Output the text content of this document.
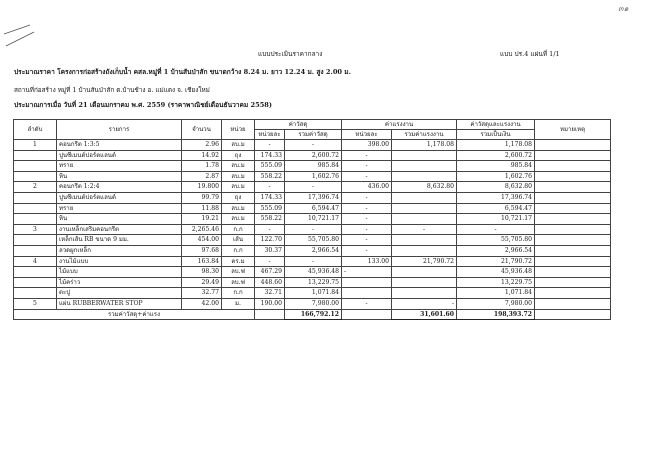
๓๑
แบบประเมินราคากลาง	แบบ ปร.4 แผ่นที่ 1/1
ประมาณราคา โครงการก่อสร้างถังเก็บน้ำ คสล.หมู่ที่ 1 บ้านสันป่าสัก ขนาดกว้าง 8.24 ม. ยาว 12.24 ม. สูง 2.00 ม.
สถานที่ก่อสร้าง หมู่ที่ 1 บ้านสันป่าสัก ต.บ้านช้าง อ. แม่แตง จ. เชียงใหม่
ประมาณการเมื่อ วันที่ 21 เดือนมกราคม พ.ศ. 2559 (ราคาพาณิชย์เดือนธันวาคม 2558)
ลำดับ	รายการ	จำนวน	หน่วย	ค่าวัสดุ		ค่าแรงงาน		ค่าวัสดุและแรงงาน	หมายเหตุ
				หน่วยละ	รวมค่าวัสดุ	หน่วยละ	รวมค่าแรงงาน	รวมเป็นเงิน	
1	คอนกรีต 1:3:5	2.96	ลบ.ม	-	-	398.00	1,178.08	1,178.08	
	ปูนซีเมนต์ปอร์ตแลนด์	14.92	ถุง	174.33	2,600.72	-		2,600.72	
	ทราย	1.78	ลบ.ม	555.09	985.84	-		985.84	
	หิน	2.87	ลบ.ม	558.22	1,602.76	-		1,602.76	
2	คอนกรีต 1:2:4	19.800	ลบ.ม	-	-	436.00	8,632.80	8,632.80	
	ปูนซีเมนต์ปอร์ตแลนด์	99.79	ถุง	174.33	17,396.74	-		17,396.74	
	ทราย	11.88	ลบ.ม	555.09	6,594.47	-		6,594.47	
	หิน	19.21	ลบ.ม	558.22	10,721.17	-		10,721.17	
3	งานเหล็กเสริมคอนกรีต	2,265.46	ก.ก	-	-	-	-	-	
	เหล็กเส้น RB ขนาด 9 มม.	454.00	เส้น	122.70	55,705.80	-		55,705.80	
	ลวดผูกเหล็ก	97.68	ก.ก	30.37	2,966.54	-		2,966.54	
4	งานไม้แบบ	163.84	ตร.ม	-	-	133.00	21,790.72	21,790.72	
	ไม้แบบ	98.30	ลบ.ฟ	467.29	45,936.48	-		45,936.48	
	ไม้คร่าว	29.49	ลบ.ฟ	448.60	13,229.75			13,229.75	
	ตะปู	32.77	ก.ก	32.71	1,071.84			1,071.84	
5	แผ่น RUBBERWATER STOP	42.00	ม.	190.00	7,980.00	-	-	7,980.00	
รวมค่าวัสดุ+ค่าแรง					166,792.12		31,601.60	198,393.72	
